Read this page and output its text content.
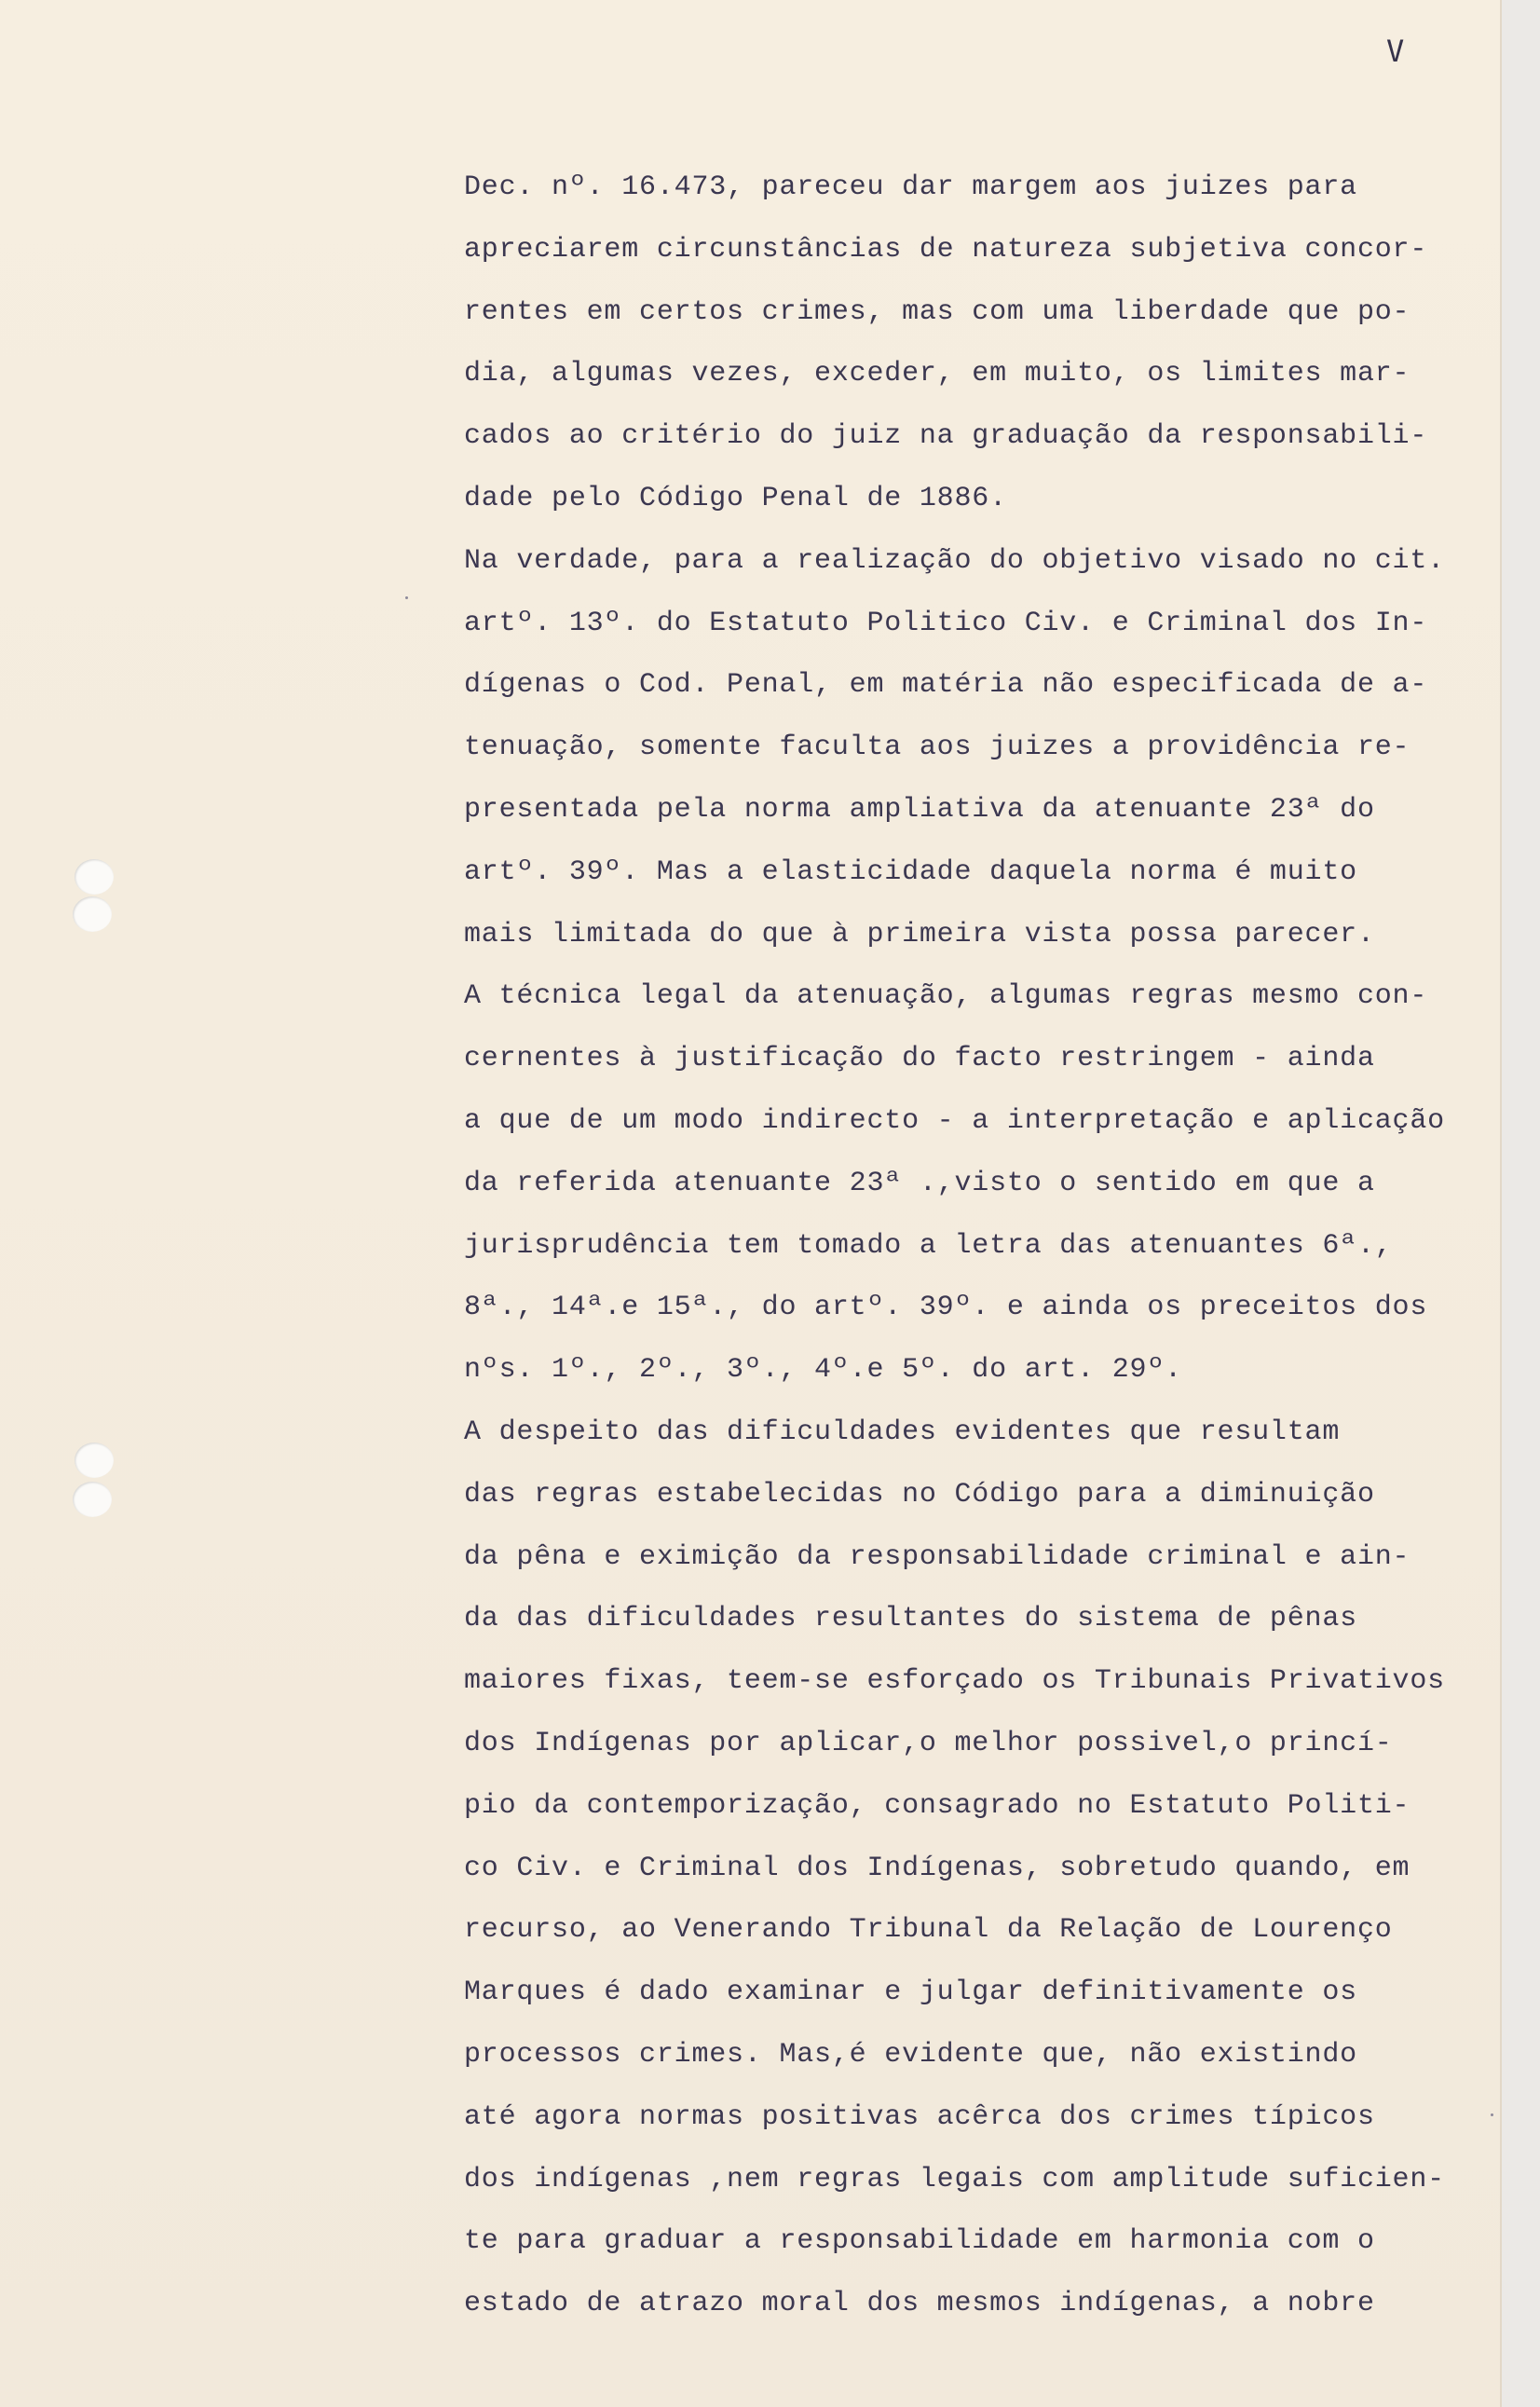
V
Dec. nº. 16.473, pareceu dar margem aos juizes para
apreciarem circunstâncias de natureza subjetiva concor-
rentes em certos crimes, mas com uma liberdade que po-
dia, algumas vezes, exceder, em muito, os limites mar-
cados ao critério do juiz na graduação da responsabili-
dade pelo Código Penal de 1886.
Na verdade, para a realização do objetivo visado no cit.
artº. 13º. do Estatuto Politico Civ. e Criminal dos In-
dígenas o Cod. Penal, em matéria não especificada de a-
tenuação, somente faculta aos juizes a providência re-
presentada pela norma ampliativa da atenuante 23ª do
artº. 39º. Mas a elasticidade daquela norma é muito
mais limitada do que à primeira vista possa parecer.
A técnica legal da atenuação, algumas regras mesmo con-
cernentes à justificação do facto restringem - ainda
a que de um modo indirecto - a interpretação e aplicação
da referida atenuante 23ª .,visto o sentido em que a
jurisprudência tem tomado a letra das atenuantes 6ª.,
8ª., 14ª.e 15ª., do artº. 39º. e ainda os preceitos dos
nºs. 1º., 2º., 3º., 4º.e 5º. do art. 29º.
A despeito das dificuldades evidentes que resultam
das regras estabelecidas no Código para a diminuição
da pêna e eximição da responsabilidade criminal e ain-
da das dificuldades resultantes do sistema de pênas
maiores fixas, teem-se esforçado os Tribunais Privativos
dos Indígenas por aplicar,o melhor possivel,o princí-
pio da contemporização, consagrado no Estatuto Politi-
co Civ. e Criminal dos Indígenas, sobretudo quando, em
recurso, ao Venerando Tribunal da Relação de Lourenço
Marques é dado examinar e julgar definitivamente os
processos crimes. Mas,é evidente que, não existindo
até agora normas positivas acêrca dos crimes típicos
dos indígenas ,nem regras legais com amplitude suficien-
te para graduar a responsabilidade em harmonia com o
estado de atrazo moral dos mesmos indígenas, a nobre
